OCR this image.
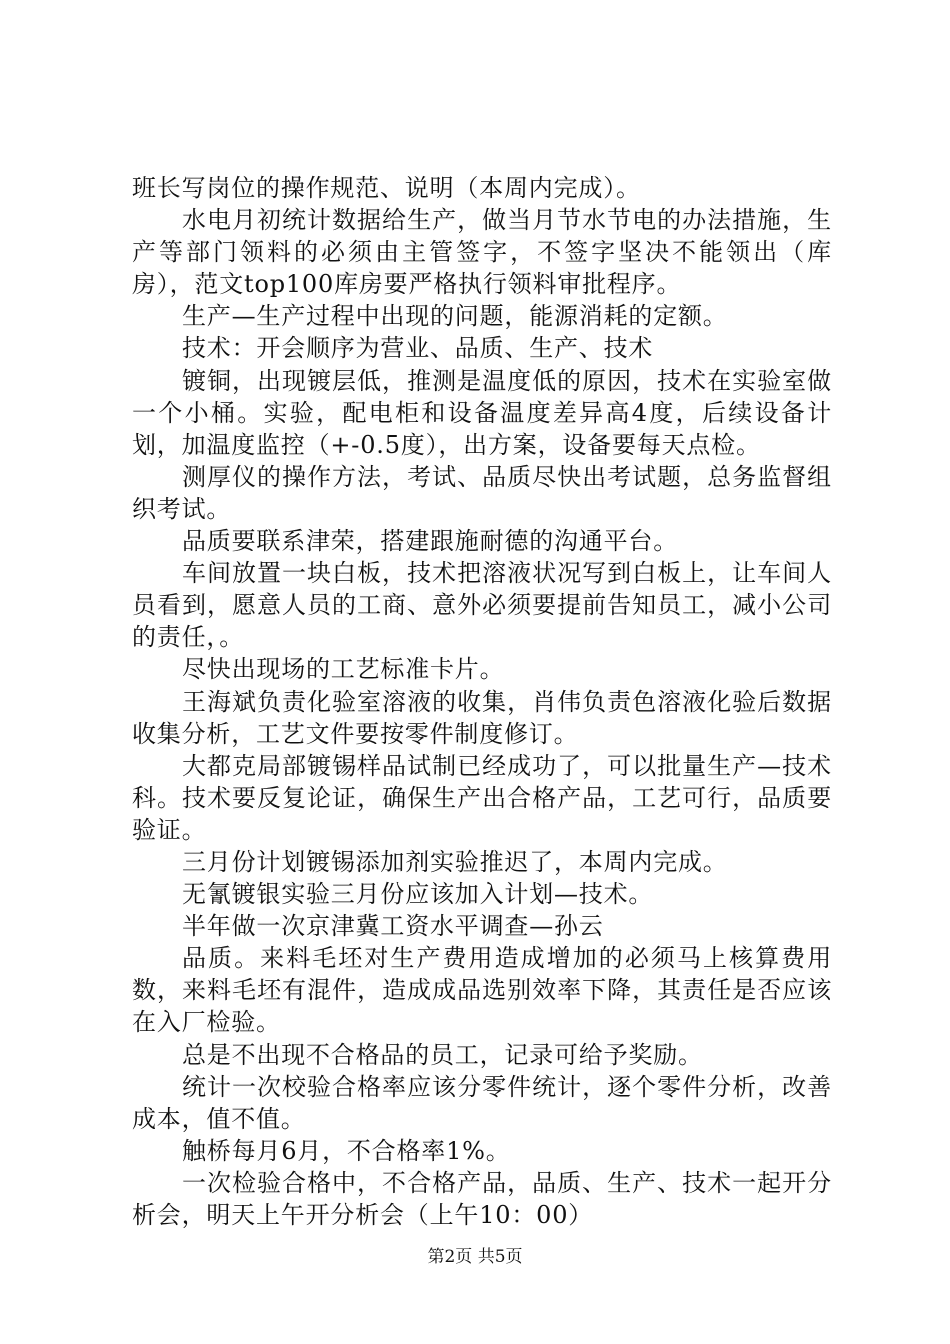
班长写岗位的操作规范、说明（本周内完成）。

水电月初统计数据给生产，做当月节水节电的办法措施，生产等部门领料的必须由主管签字，不签字坚决不能领出（库房），范文top100库房要严格执行领料审批程序。

生产—生产过程中出现的问题，能源消耗的定额。

技术：开会顺序为营业、品质、生产、技术

镀铜，出现镀层低，推测是温度低的原因，技术在实验室做一个小桶。实验，配电柜和设备温度差异高4度，后续设备计划，加温度监控（+-0.5度），出方案，设备要每天点检。

测厚仪的操作方法，考试、品质尽快出考试题，总务监督组织考试。

品质要联系津荣，搭建跟施耐德的沟通平台。

车间放置一块白板，技术把溶液状况写到白板上，让车间人员看到，愿意人员的工商、意外必须要提前告知员工，减小公司的责任，。

尽快出现场的工艺标准卡片。

王海斌负责化验室溶液的收集，肖伟负责色溶液化验后数据收集分析，工艺文件要按零件制度修订。

大都克局部镀锡样品试制已经成功了，可以批量生产—技术科。技术要反复论证，确保生产出合格产品，工艺可行，品质要验证。

三月份计划镀锡添加剂实验推迟了，本周内完成。

无氰镀银实验三月份应该加入计划—技术。

半年做一次京津冀工资水平调查—孙云

品质。来料毛坯对生产费用造成增加的必须马上核算费用数，来料毛坯有混件，造成成品选别效率下降，其责任是否应该在入厂检验。

总是不出现不合格品的员工，记录可给予奖励。

统计一次校验合格率应该分零件统计，逐个零件分析，改善成本，值不值。

触桥每月6月，不合格率1%。

一次检验合格中，不合格产品，品质、生产、技术一起开分析会，明天上午开分析会（上午10：00）

第2页 共5页
